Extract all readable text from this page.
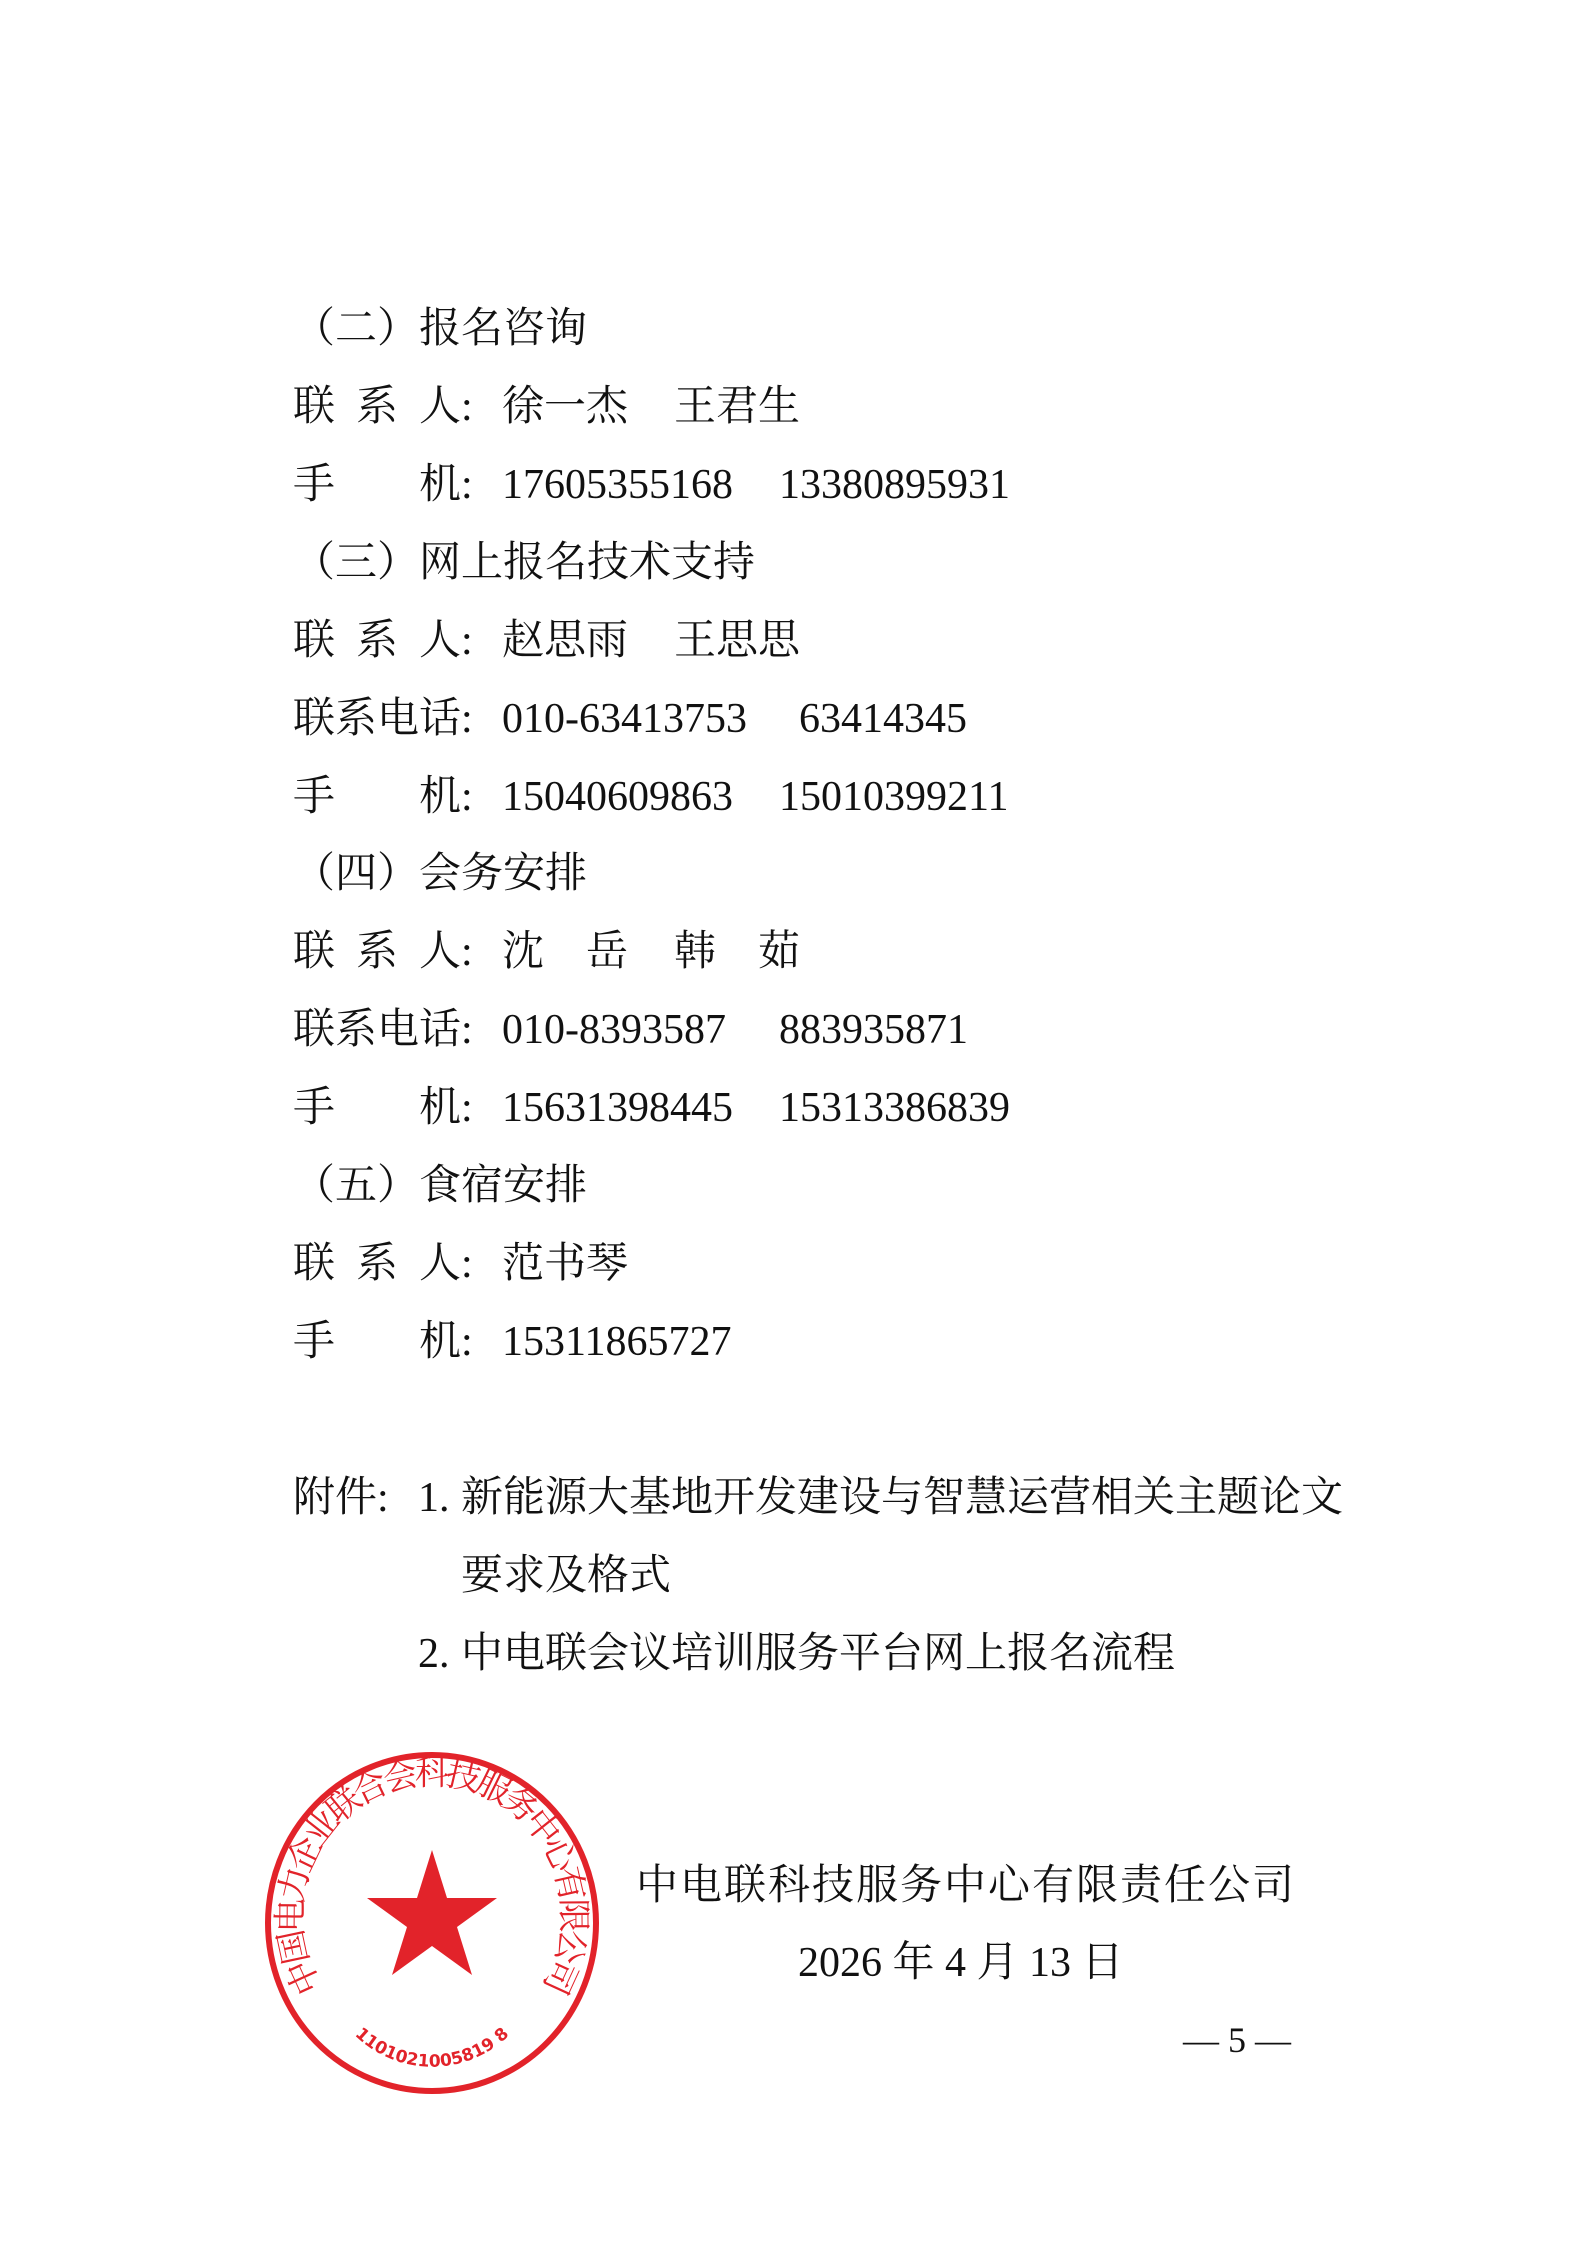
（二）报名咨询
联系人: 徐一杰 王君生
手机: 17605355168 13380895931
（三）网上报名技术支持
联系人: 赵思雨 王思思
联系电话: 010-63413753 63414345
手机: 15040609863 15010399211
（四）会务安排
联系人: 沈　岳 韩　茹
联系电话: 010-8393587 883935871
手机: 15631398445 15313386839
（五）食宿安排
联系人: 范书琴
手机: 15311865727
附件: 1. 新能源大基地开发建设与智慧运营相关主题论文
要求及格式
2. 中电联会议培训服务平台网上报名流程
中国电力企业联合会科技服务中心有限公司
1101021005819 8
中电联科技服务中心有限责任公司
2026 年 4 月 13 日
— 5 —
